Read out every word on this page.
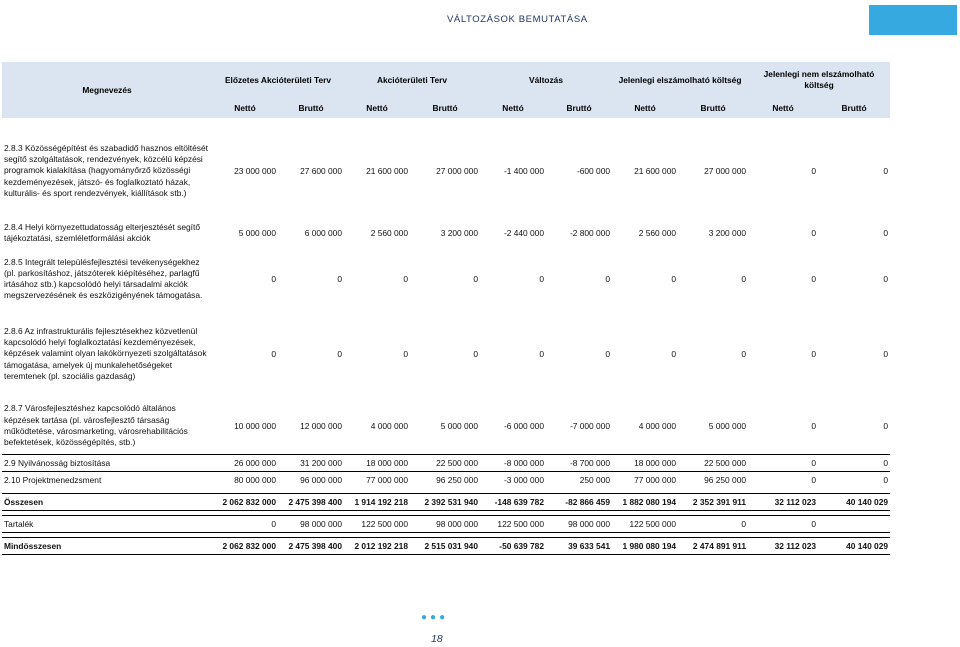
VÁLTOZÁSOK BEMUTATÁSA
Megnevezés	Előzetes Akcióterületi Terv		Akcióterületi Terv		Változás		Jelenlegi elszámolható költség		Jelenlegi nem elszámolható költség	
	Nettó	Bruttó	Nettó	Bruttó	Nettó	Bruttó	Nettó	Bruttó	Nettó	Bruttó

2.8.3 Közösségépítést és szabadidő hasznos eltöltését segítő szolgáltatások, rendezvények, közcélú képzési programok kialakítása (hagyományőrző közösségi kezdeményezések, játszó- és foglalkoztató házak, kulturális- és sport rendezvények, kiállítások stb.)	23 000 000	27 600 000	21 600 000	27 000 000	-1 400 000	-600 000	21 600 000	27 000 000	0	0
2.8.4 Helyi környezettudatosság elterjesztését segítő tájékoztatási, szemléletformálási akciók	5 000 000	6 000 000	2 560 000	3 200 000	-2 440 000	-2 800 000	2 560 000	3 200 000	0	0
2.8.5 Integrált településfejlesztési tevékenységekhez (pl. parkosításhoz, játszóterek kiépítéséhez, parlagfű irtásához stb.) kapcsolódó helyi társadalmi akciók megszervezésének és eszközigényének támogatása.	0	0	0	0	0	0	0	0	0	0
2.8.6 Az infrastrukturális fejlesztésekhez közvetlenül kapcsolódó helyi foglalkoztatási kezdeményezések, képzések valamint olyan lakókörnyezeti szolgáltatások támogatása, amelyek új munkalehetőségeket teremtenek (pl. szociális gazdaság)	0	0	0	0	0	0	0	0	0	0
2.8.7 Városfejlesztéshez kapcsolódó általános képzések tartása (pl. városfejlesztő társaság működtetése, városmarketing, városrehabilitációs befektetések, közösségépítés, stb.)	10 000 000	12 000 000	4 000 000	5 000 000	-6 000 000	-7 000 000	4 000 000	5 000 000	0	0
2.9 Nyilvánosság biztosítása	26 000 000	31 200 000	18 000 000	22 500 000	-8 000 000	-8 700 000	18 000 000	22 500 000	0	0
2.10 Projektmenedzsment	80 000 000	96 000 000	77 000 000	96 250 000	-3 000 000	250 000	77 000 000	96 250 000	0	0

Összesen	2 062 832 000	2 475 398 400	1 914 192 218	2 392 531 940	-148 639 782	-82 866 459	1 882 080 194	2 352 391 911	32 112 023	40 140 029

Tartalék	0	98 000 000	122 500 000	98 000 000	122 500 000	98 000 000	122 500 000	0	0	

Mindösszesen	2 062 832 000	2 475 398 400	2 012 192 218	2 515 031 940	-50 639 782	39 633 541	1 980 080 194	2 474 891 911	32 112 023	40 140 029
●●●
18
